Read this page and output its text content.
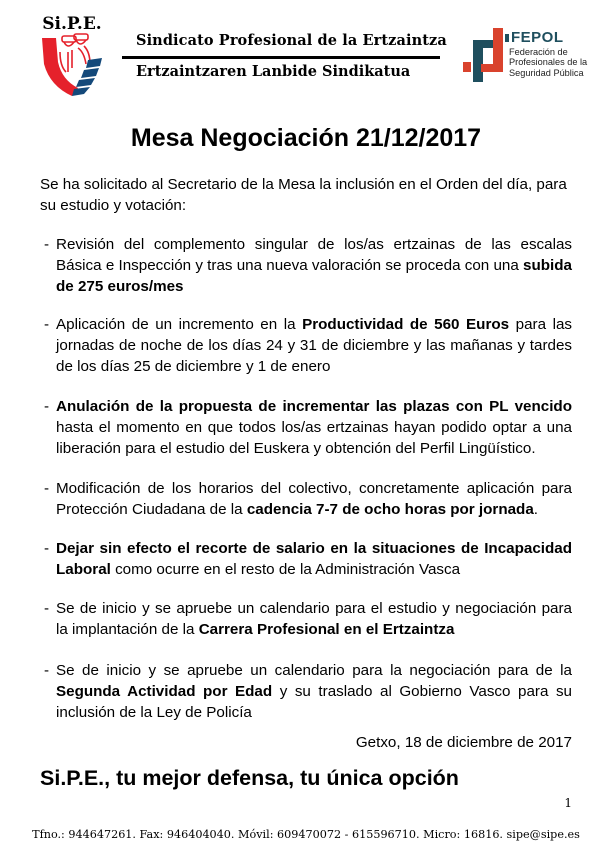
Si.P.E.
Sindicato Profesional de la Ertzaintza
Ertzaintzaren Lanbide Sindikatua
FEPOL
Federación de
Profesionales de la
Seguridad Pública
Mesa Negociación 21/12/2017
Se ha solicitado al Secretario de la Mesa la inclusión en el Orden del día, para su estudio y votación:
- Revisión del complemento singular de los/as ertzainas de las escalas Básica e Inspección y tras una nueva valoración se proceda con una subida de 275 euros/mes
- Aplicación de un incremento en la Productividad de 560 Euros para las jornadas de noche de los días 24 y 31 de diciembre y las mañanas y tardes de los días 25 de diciembre y 1 de enero
- Anulación de la propuesta de incrementar las plazas con PL vencido hasta el momento en que todos los/as ertzainas hayan podido optar a una liberación para el estudio del Euskera y obtención del Perfil Lingüístico.
- Modificación de los horarios del colectivo, concretamente aplicación para Protección Ciudadana de la cadencia 7-7 de ocho horas por jornada.
- Dejar sin efecto el recorte de salario en la situaciones de Incapacidad Laboral como ocurre en el resto de la Administración Vasca
- Se de inicio y se apruebe un calendario para el estudio y negociación para la implantación de la Carrera Profesional en el Ertzaintza
- Se de inicio y se apruebe un calendario para la negociación para de la Segunda Actividad por Edad y su traslado al Gobierno Vasco para su inclusión de la Ley de Policía
Getxo, 18 de diciembre de 2017
Si.P.E., tu mejor defensa, tu única opción
1
Tfno.: 944647261. Fax: 946404040. Móvil: 609470072 - 615596710. Micro: 16816. sipe@sipe.es
